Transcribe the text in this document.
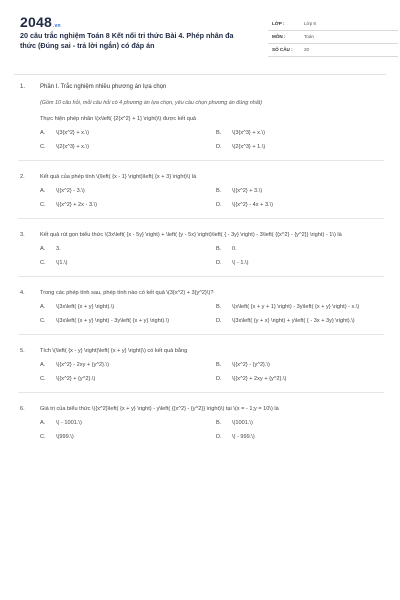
2048.vn
20 câu trắc nghiệm Toán 8 Kết nối tri thức Bài 4. Phép nhân đa thức (Đúng sai - trả lời ngắn) có đáp án
LỚP :	Lớp 8
MÔN :	Toán
SỐ CÂU : 20
1. Phần I. Trắc nghiệm nhiều phương án lựa chọn
(Gồm 10 câu hỏi, mỗi câu hỏi có 4 phương án lựa chọn, yêu cầu chọn phương án đúng nhất)
Thực hiện phép nhân \(x\left( {2{x^2} + 1} \right)\) được kết quả
A. \(3{x^2} + x.\)	B. \(3{x^3} + x.\)
C. \(2{x^3} + x.\)	D. \(2{x^3} + 1.\)
2.	Kết quả của phép tính \(\left( {x - 1} \right)\left( {x + 3} \right)\) là
A. \({x^2} - 3.\)	B. \({x^2} + 3.\)
C. \({x^2} + 2x - 3.\)	D. \({x^2} - 4x + 3.\)
3.	Kết quả rút gọn biểu thức \(3x\left( {x - 5y} \right) + \left( {y - 5x} \right)\left( { - 3y} \right) - 3\left( {{x^2} - {y^2}} \right) - 1\) là
A. 3.	B. 0.
C. \(1.\)	D. \( - 1.\)
4.	Trong các phép tính sau, phép tính nào có kết quả \(3{x^2} + 3{y^2}\)?
A. \(3x\left( {x + y} \right).\)	B. \(x\left( {x + y + 1} \right) - 3y\left( {x + y} \right) - x.\)
C. \(3x\left( {x + y} \right) - 3y\left( {x + y} \right).\)	D. \(3x\left( {y + x} \right) + y\left( { - 3x + 3y} \right).\)
5.	Tích \(\left( {x - y} \right)\left( {x + y} \right)\) có kết quả bằng
A. \({x^2} - 2xy + {y^2}.\)	B. \({x^2} - {y^2}.\)
C. \({x^2} + {y^2}.\)	D. \({x^2} + 2xy + {y^2}.\)
6.	Giá trị của biểu thức \({x^2}\left( {x + y} \right) - y\left( {{x^2} - {y^2}} \right)\) tại \(x = - 1;y = 10\) là
A. \( - 1001.\)	B. \(1001.\)
C. \(999.\)	D. \( - 999.\)
